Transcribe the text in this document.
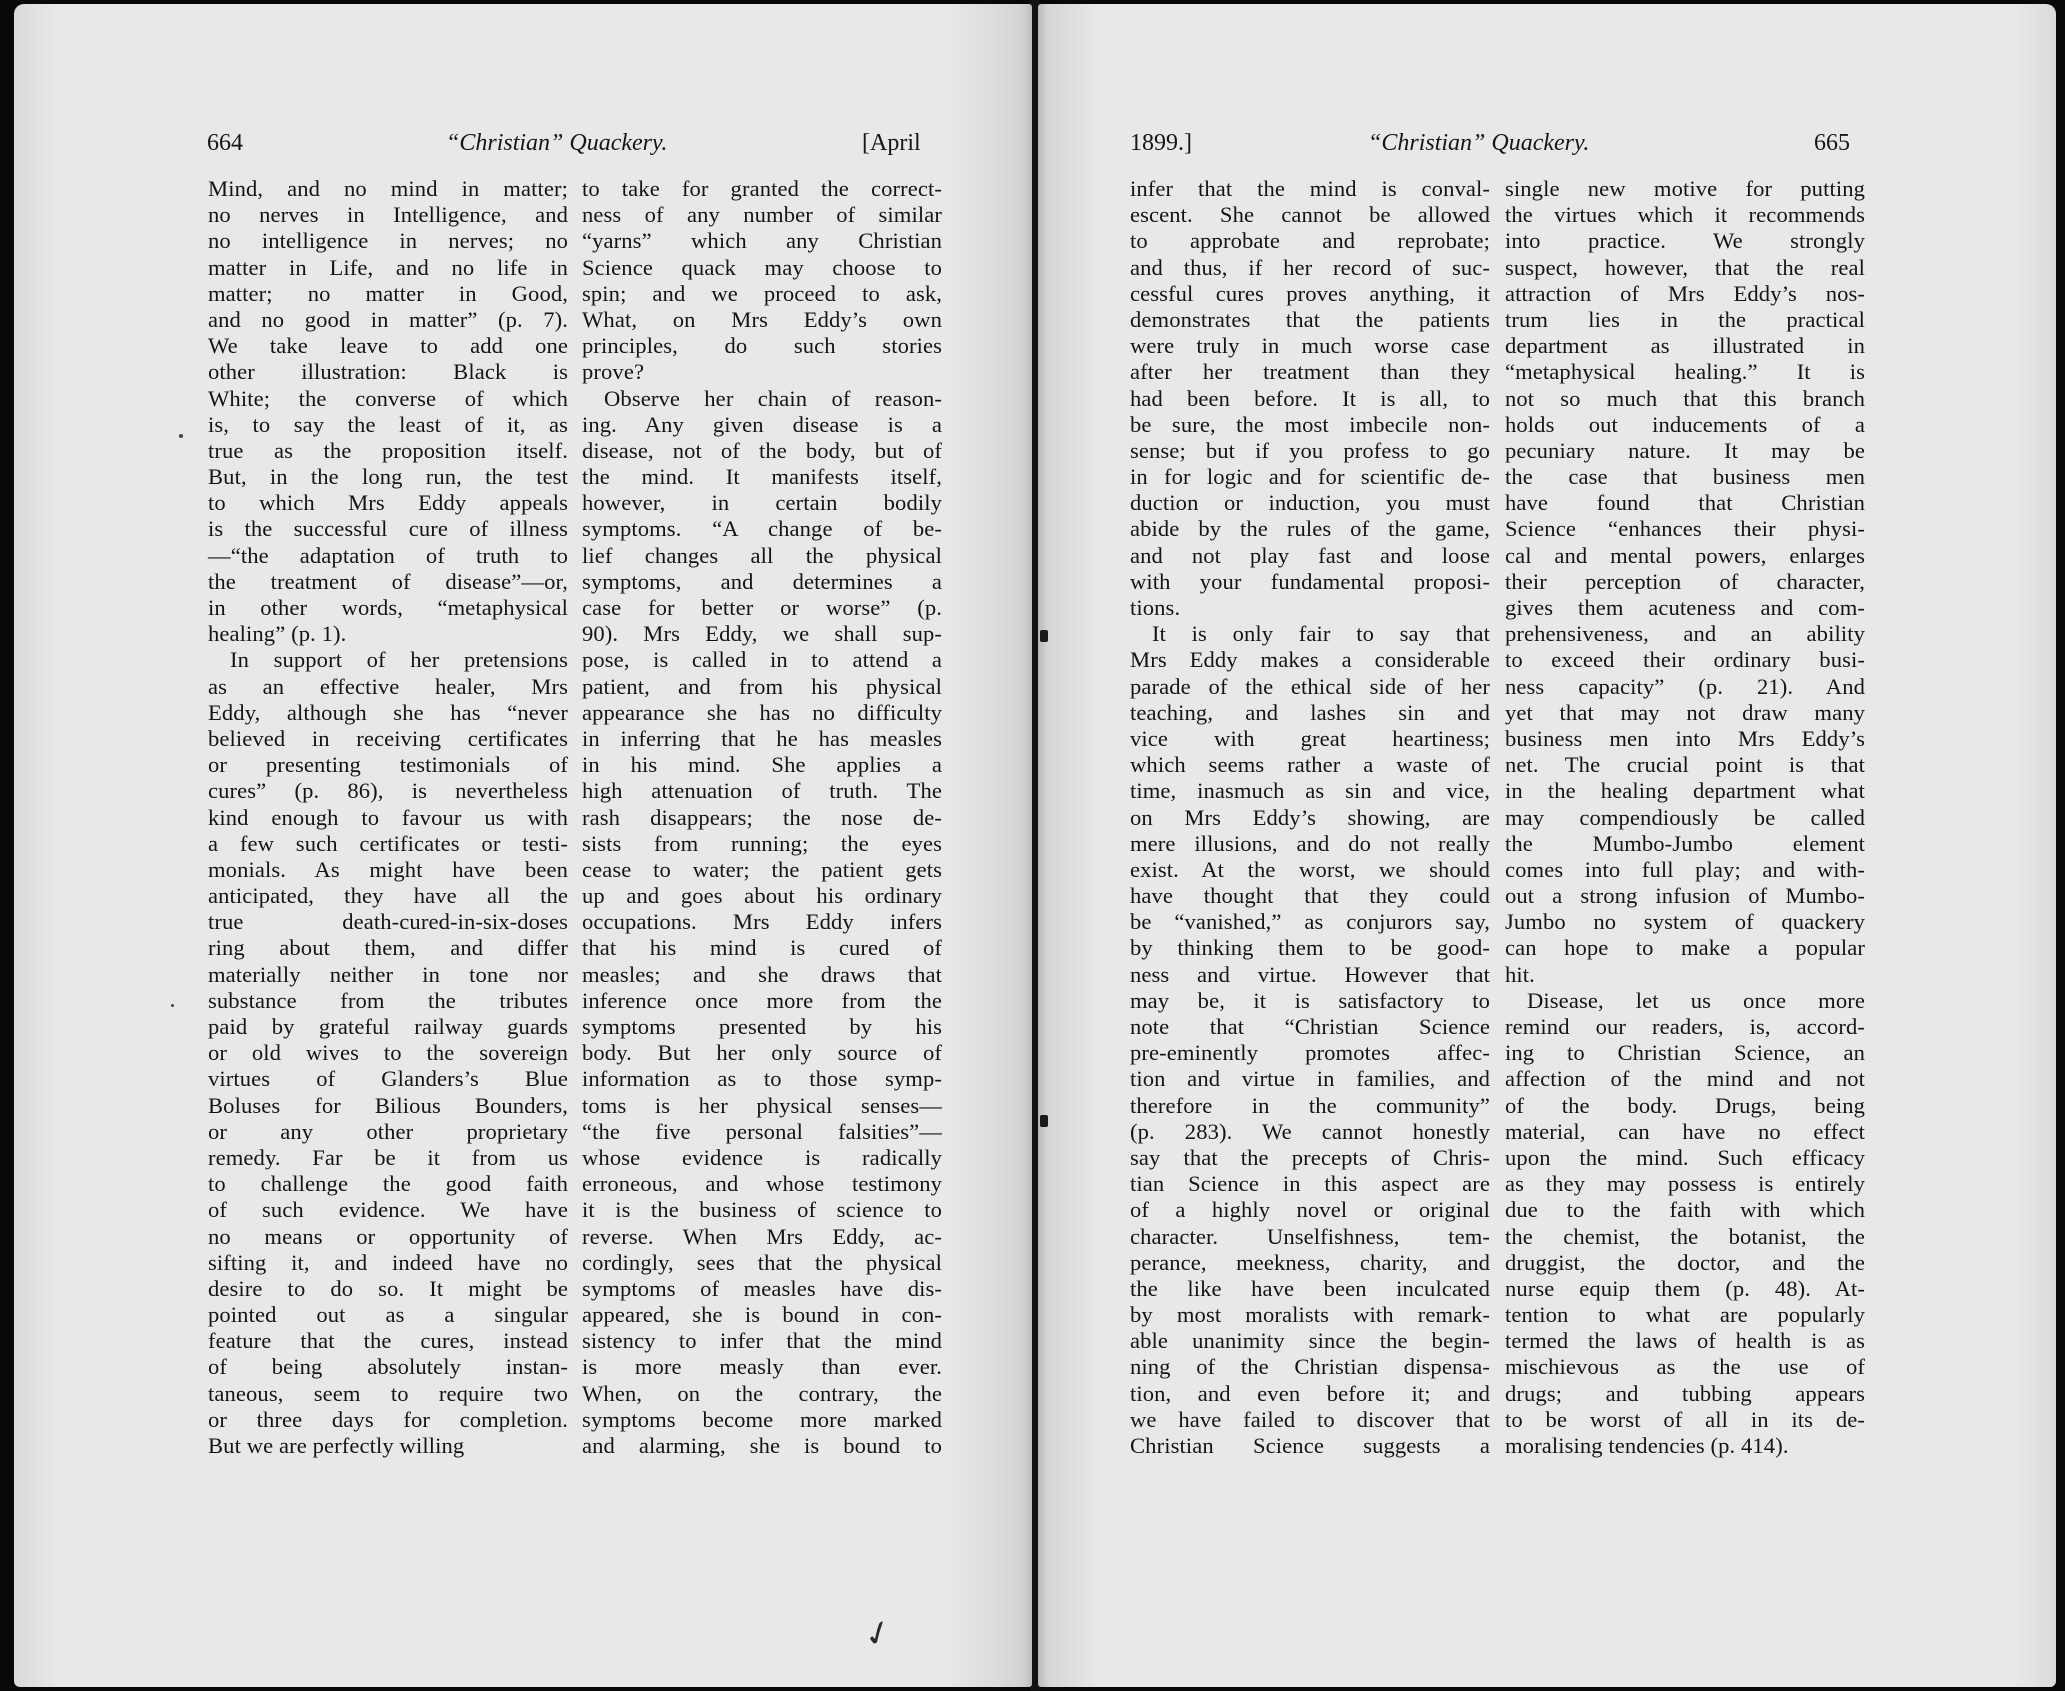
664	“Christian” Quackery.	[April

Mind, and no mind in matter;

no nerves in Intelligence, and

no intelligence in nerves; no

matter in Life, and no life in

matter; no matter in Good,

and no good in matter” (p. 7).

We take leave to add one

other illustration: Black is

White; the converse of which

is, to say the least of it, as

true as the proposition itself.

But, in the long run, the test

to which Mrs Eddy appeals

is the successful cure of illness

—“the adaptation of truth to

the treatment of disease”—or,

in other words, “metaphysical

healing” (p. 1).

In support of her pretensions

as an effective healer, Mrs

Eddy, although she has “never

believed in receiving certificates

or presenting testimonials of

cures” (p. 86), is nevertheless

kind enough to favour us with

a few such certificates or testi-

monials. As might have been

anticipated, they have all the

true death-cured-in-six-doses

ring about them, and differ

materially neither in tone nor

substance from the tributes

paid by grateful railway guards

or old wives to the sovereign

virtues of Glanders’s Blue

Boluses for Bilious Bounders,

or any other proprietary

remedy. Far be it from us

to challenge the good faith

of such evidence. We have

no means or opportunity of

sifting it, and indeed have no

desire to do so. It might be

pointed out as a singular

feature that the cures, instead

of being absolutely instan-

taneous, seem to require two

or three days for completion.

But we are perfectly willing

to take for granted the correct-

ness of any number of similar

“yarns” which any Christian

Science quack may choose to

spin; and we proceed to ask,

What, on Mrs Eddy’s own

principles, do such stories

prove?

Observe her chain of reason-

ing. Any given disease is a

disease, not of the body, but of

the mind. It manifests itself,

however, in certain bodily

symptoms. “A change of be-

lief changes all the physical

symptoms, and determines a

case for better or worse” (p.

90). Mrs Eddy, we shall sup-

pose, is called in to attend a

patient, and from his physical

appearance she has no difficulty

in inferring that he has measles

in his mind. She applies a

high attenuation of truth. The

rash disappears; the nose de-

sists from running; the eyes

cease to water; the patient gets

up and goes about his ordinary

occupations. Mrs Eddy infers

that his mind is cured of

measles; and she draws that

inference once more from the

symptoms presented by his

body. But her only source of

information as to those symp-

toms is her physical senses—

“the five personal falsities”—

whose evidence is radically

erroneous, and whose testimony

it is the business of science to

reverse. When Mrs Eddy, ac-

cordingly, sees that the physical

symptoms of measles have dis-

appeared, she is bound in con-

sistency to infer that the mind

is more measly than ever.

When, on the contrary, the

symptoms become more marked

and alarming, she is bound to

✓
1899.]	“Christian” Quackery.	665

infer that the mind is conval-

escent. She cannot be allowed

to approbate and reprobate;

and thus, if her record of suc-

cessful cures proves anything, it

demonstrates that the patients

were truly in much worse case

after her treatment than they

had been before. It is all, to

be sure, the most imbecile non-

sense; but if you profess to go

in for logic and for scientific de-

duction or induction, you must

abide by the rules of the game,

and not play fast and loose

with your fundamental proposi-

tions.

It is only fair to say that

Mrs Eddy makes a considerable

parade of the ethical side of her

teaching, and lashes sin and

vice with great heartiness;

which seems rather a waste of

time, inasmuch as sin and vice,

on Mrs Eddy’s showing, are

mere illusions, and do not really

exist. At the worst, we should

have thought that they could

be “vanished,” as conjurors say,

by thinking them to be good-

ness and virtue. However that

may be, it is satisfactory to

note that “Christian Science

pre-eminently promotes affec-

tion and virtue in families, and

therefore in the community”

(p. 283). We cannot honestly

say that the precepts of Chris-

tian Science in this aspect are

of a highly novel or original

character. Unselfishness, tem-

perance, meekness, charity, and

the like have been inculcated

by most moralists with remark-

able unanimity since the begin-

ning of the Christian dispensa-

tion, and even before it; and

we have failed to discover that

Christian Science suggests a

single new motive for putting

the virtues which it recommends

into practice. We strongly

suspect, however, that the real

attraction of Mrs Eddy’s nos-

trum lies in the practical

department as illustrated in

“metaphysical healing.” It is

not so much that this branch

holds out inducements of a

pecuniary nature. It may be

the case that business men

have found that Christian

Science “enhances their physi-

cal and mental powers, enlarges

their perception of character,

gives them acuteness and com-

prehensiveness, and an ability

to exceed their ordinary busi-

ness capacity” (p. 21). And

yet that may not draw many

business men into Mrs Eddy’s

net. The crucial point is that

in the healing department what

may compendiously be called

the Mumbo-Jumbo element

comes into full play; and with-

out a strong infusion of Mumbo-

Jumbo no system of quackery

can hope to make a popular

hit.

Disease, let us once more

remind our readers, is, accord-

ing to Christian Science, an

affection of the mind and not

of the body. Drugs, being

material, can have no effect

upon the mind. Such efficacy

as they may possess is entirely

due to the faith with which

the chemist, the botanist, the

druggist, the doctor, and the

nurse equip them (p. 48). At-

tention to what are popularly

termed the laws of health is as

mischievous as the use of

drugs; and tubbing appears

to be worst of all in its de-

moralising tendencies (p. 414).
